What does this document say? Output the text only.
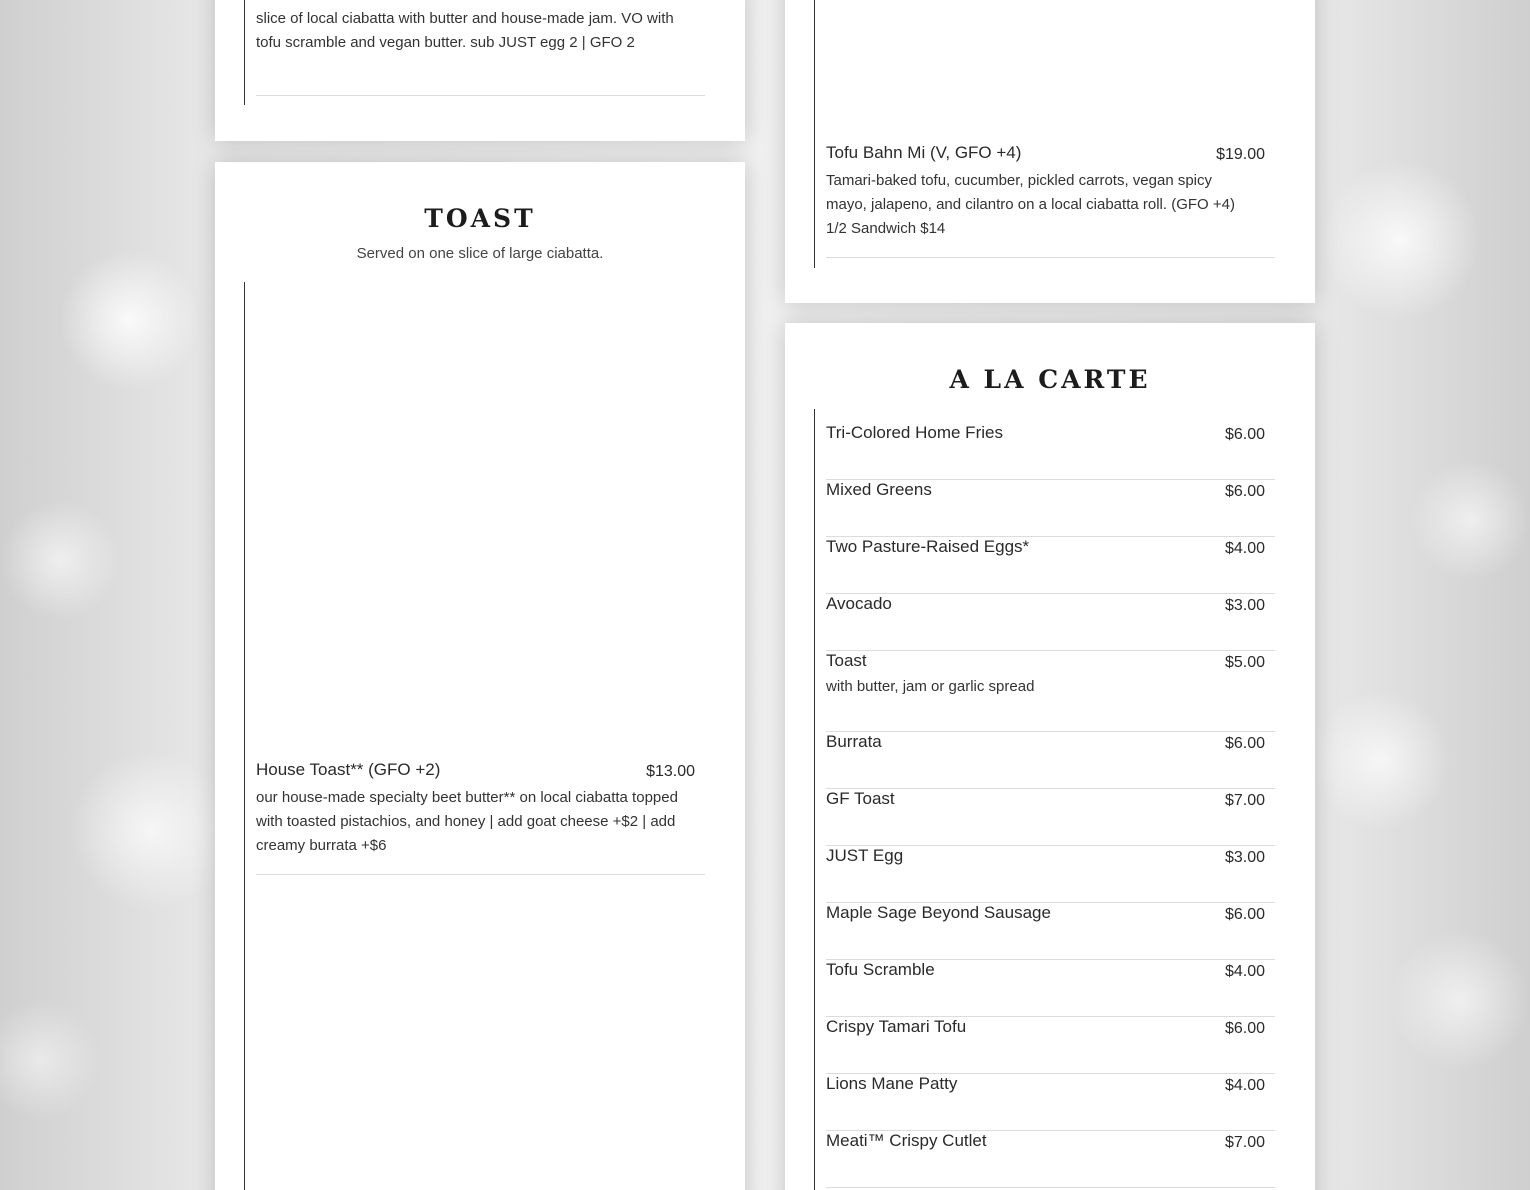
slice of local ciabatta with butter and house-made jam. VO with tofu scramble and vegan butter. sub JUST egg 2 | GFO 2
Tofu Bahn Mi (V, GFO +4)	$19.00
Tamari-baked tofu, cucumber, pickled carrots, vegan spicy mayo, jalapeno, and cilantro on a local ciabatta roll. (GFO +4) 1/2 Sandwich $14
TOAST

Served on one slice of large ciabatta.

House Toast** (GFO +2)	$13.00
our house-made specialty beet butter** on local ciabatta topped with toasted pistachios, and honey | add goat cheese +$2 | add creamy burrata +$6
A LA CARTE
Tri-Colored Home Fries	$6.00
Mixed Greens	$6.00
Two Pasture-Raised Eggs*	$4.00
Avocado	$3.00
Toast	$5.00
with butter, jam or garlic spread
Burrata	$6.00
GF Toast	$7.00
JUST Egg	$3.00
Maple Sage Beyond Sausage	$6.00
Tofu Scramble	$4.00
Crispy Tamari Tofu	$6.00
Lions Mane Patty	$4.00
Meati™ Crispy Cutlet	$7.00
